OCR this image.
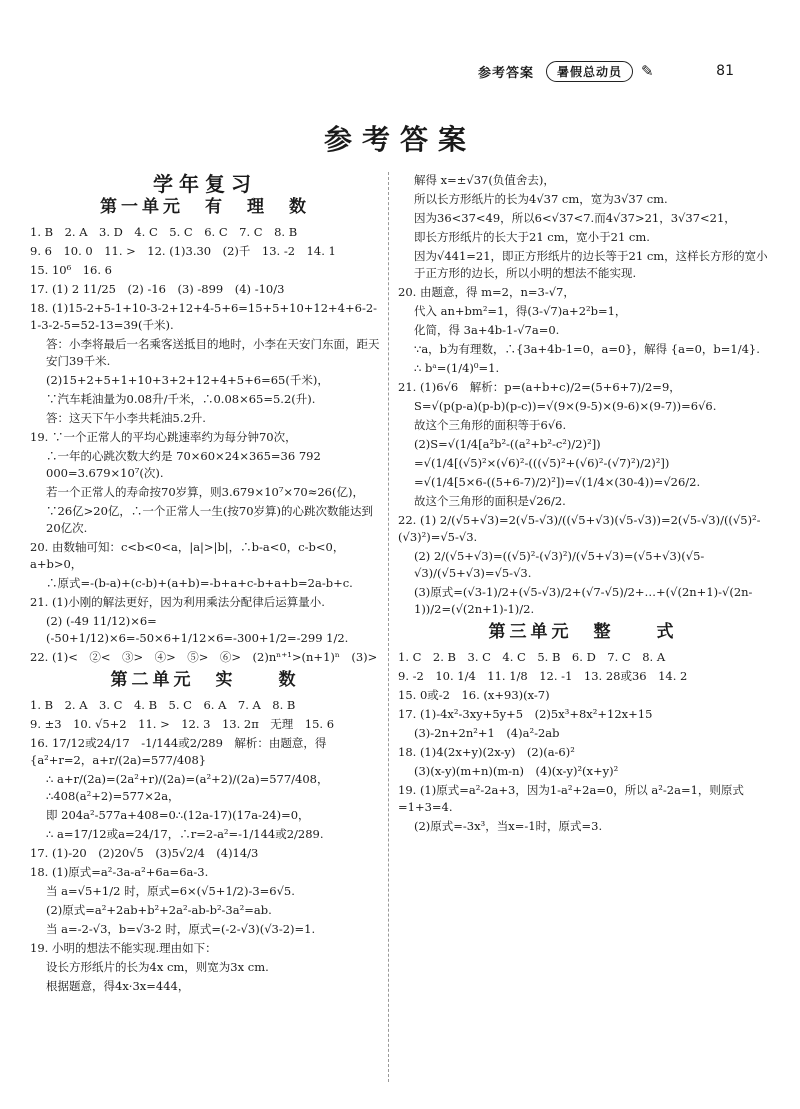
参考答案	暑假总动员	✎	81
参考答案
学年复习
第一单元　有　理　数

1. B　2. A　3. D　4. C　5. C　6. C　7. C　8. B

9. 6　10. 0　11. >　12. (1)3.30　(2)千　13. -2　14. 1

15. 10⁶　16. 6

17. (1) 2 11/25　(2) -16　(3) -899　(4) -10/3

18. (1)15-2+5-1+10-3-2+12+4-5+6=15+5+10+12+4+6-2-1-3-2-5=52-13=39(千米).

答：小李将最后一名乘客送抵目的地时，小李在天安门东面，距天安门39千米.

(2)15+2+5+1+10+3+2+12+4+5+6=65(千米)，

∵汽车耗油量为0.08升/千米，∴0.08×65=5.2(升).

答：这天下午小李共耗油5.2升.

19. ∵一个正常人的平均心跳速率约为每分钟70次，

∴一年的心跳次数大约是 70×60×24×365=36 792 000=3.679×10⁷(次).

若一个正常人的寿命按70岁算，则3.679×10⁷×70≈26(亿)，

∵26亿>20亿，∴一个正常人一生(按70岁算)的心跳次数能达到20亿次.

20. 由数轴可知：c<b<0<a，|a|>|b|，∴b-a<0，c-b<0，a+b>0，

∴原式=-(b-a)+(c-b)+(a+b)=-b+a+c-b+a+b=2a-b+c.

21. (1)小刚的解法更好，因为利用乘法分配律后运算量小.

(2) (-49 11/12)×6=(-50+1/12)×6=-50×6+1/12×6=-300+1/2=-299 1/2.

22. (1)<　②<　③>　④>　⑤>　⑥>　(2)nⁿ⁺¹>(n+1)ⁿ　(3)>

第二单元　实　　数

1. B　2. A　3. C　4. B　5. C　6. A　7. A　8. B

9. ±3　10. √5+2　11. >　12. 3　13. 2π　无理　15. 6

16. 17/12或24/17　-1/144或2/289　解析：由题意，得 {a²+r=2，a+r/(2a)=577/408}

∴ a+r/(2a)=(2a²+r)/(2a)=(a²+2)/(2a)=577/408，∴408(a²+2)=577×2a，

即 204a²-577a+408=0∴(12a-17)(17a-24)=0，

∴ a=17/12或a=24/17，∴r=2-a²=-1/144或2/289.

17. (1)-20　(2)20√5　(3)5√2/4　(4)14/3

18. (1)原式=a²-3a-a²+6a=6a-3.

当 a=√5+1/2 时，原式=6×(√5+1/2)-3=6√5.

(2)原式=a²+2ab+b²+2a²-ab-b²-3a²=ab.

当 a=-2-√3，b=√3-2 时，原式=(-2-√3)(√3-2)=1.

19. 小明的想法不能实现.理由如下：

设长方形纸片的长为4x cm，则宽为3x cm.

根据题意，得4x·3x=444，

解得 x=±√37(负值舍去)，

所以长方形纸片的长为4√37 cm，宽为3√37 cm.

因为36<37<49，所以6<√37<7.而4√37>21，3√37<21，

即长方形纸片的长大于21 cm，宽小于21 cm.

因为√441=21，即正方形纸片的边长等于21 cm，这样长方形的宽小于正方形的边长，所以小明的想法不能实现.

20. 由题意，得 m=2，n=3-√7，

代入 an+bm²=1，得(3-√7)a+2²b=1，

化简，得 3a+4b-1-√7a=0.

∵a，b为有理数，∴{3a+4b-1=0，a=0}，解得 {a=0，b=1/4}.

∴ bᵃ=(1/4)⁰=1.

21. (1)6√6　解析：p=(a+b+c)/2=(5+6+7)/2=9，

S=√(p(p-a)(p-b)(p-c))=√(9×(9-5)×(9-6)×(9-7))=6√6.

故这个三角形的面积等于6√6.

(2)S=√(1/4[a²b²-((a²+b²-c²)/2)²])

=√(1/4[(√5)²×(√6)²-(((√5)²+(√6)²-(√7)²)/2)²])

=√(1/4[5×6-((5+6-7)/2)²])=√(1/4×(30-4))=√26/2.

故这个三角形的面积是√26/2.

22. (1) 2/(√5+√3)=2(√5-√3)/((√5+√3)(√5-√3))=2(√5-√3)/((√5)²-(√3)²)=√5-√3.

(2) 2/(√5+√3)=((√5)²-(√3)²)/(√5+√3)=(√5+√3)(√5-√3)/(√5+√3)=√5-√3.

(3)原式=(√3-1)/2+(√5-√3)/2+(√7-√5)/2+…+(√(2n+1)-√(2n-1))/2=(√(2n+1)-1)/2.

第三单元　整　　式

1. C　2. B　3. C　4. C　5. B　6. D　7. C　8. A

9. -2　10. 1/4　11. 1/8　12. -1　13. 28或36　14. 2

15. 0或-2　16. (x+93)(x-7)

17. (1)-4x²-3xy+5y+5　(2)5x³+8x²+12x+15

(3)-2n+2n²+1　(4)a²-2ab

18. (1)4(2x+y)(2x-y)　(2)(a-6)²

(3)(x-y)(m+n)(m-n)　(4)(x-y)²(x+y)²

19. (1)原式=a²-2a+3，因为1-a²+2a=0，所以 a²-2a=1，则原式=1+3=4.

(2)原式=-3x³，当x=-1时，原式=3.
